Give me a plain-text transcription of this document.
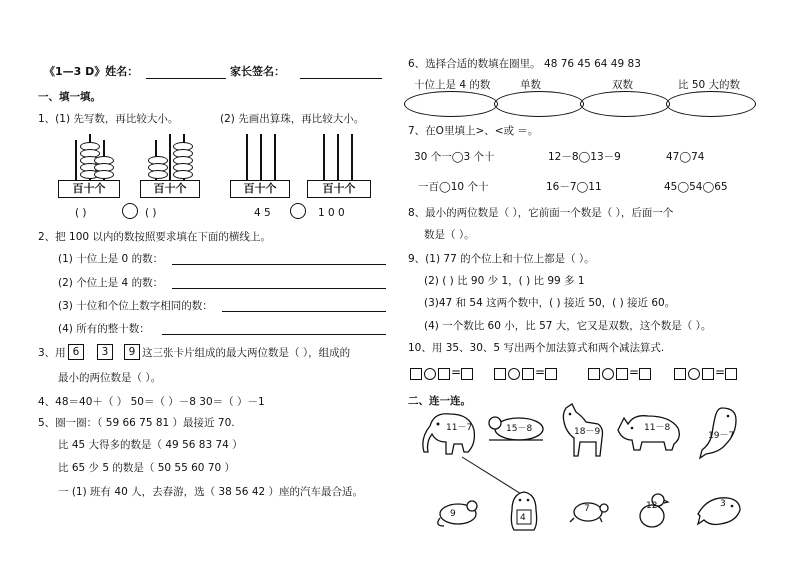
《1—3 D》姓名：	家长签名：
一、填一填。
1、(1) 先写数，再比较大小。	(2) 先画出算珠，再比较大小。
百十个	百十个	百十个	百十个
( )	( )	4 5	1 0 0
2、把 100 以内的数按照要求填在下面的横线上。
(1) 十位上是 0 的数：
(2) 个位上是 4 的数：
(3) 十位和个位上数字相同的数：
(4) 所有的整十数：
3、用 6	3	9 这三张卡片组成的最大两位数是（ ），组成的
最小的两位数是（ ）。
4、48＝40＋（ ） 50＝（ ）－8 30＝（ ）－1
5、圈一圈：（ 59 66 75 81 ）最接近 70.
比 45 大得多的数是（ 49 56 83 74 ）
比 65 少 5 的数是（ 50 55 60 70 ）
一 (1) 班有 40 人，去春游，选（ 38 56 42 ）座的汽车最合适。
6、选择合适的数填在圈里。 48 76 45 64 49 83
十位上是 4 的数	单数	双数	比 50 大的数
7、在O里填上>、<或 ＝。
30 个一◯3 个十	12－8◯13－9	47◯74
一百◯10 个十	16－7◯11	45◯54◯65
8、最小的两位数是（ ），它前面一个数是（ ），后面一个
数是（ ）。
9、(1) 77 的个位上和十位上都是（ ）。
(2) ( ) 比 90 少 1，( ) 比 99 多 1
(3)47 和 54 这两个数中，( ) 接近 50，( ) 接近 60。
(4) 一个数比 60 小，比 57 大，它又是双数，这个数是（ ）。
10、用 35、30、5 写出两个加法算式和两个减法算式.
=	=	=	=
二、连一连。
11－7	15－8	18－9	11－8
19－7
9	4
7	12	3
